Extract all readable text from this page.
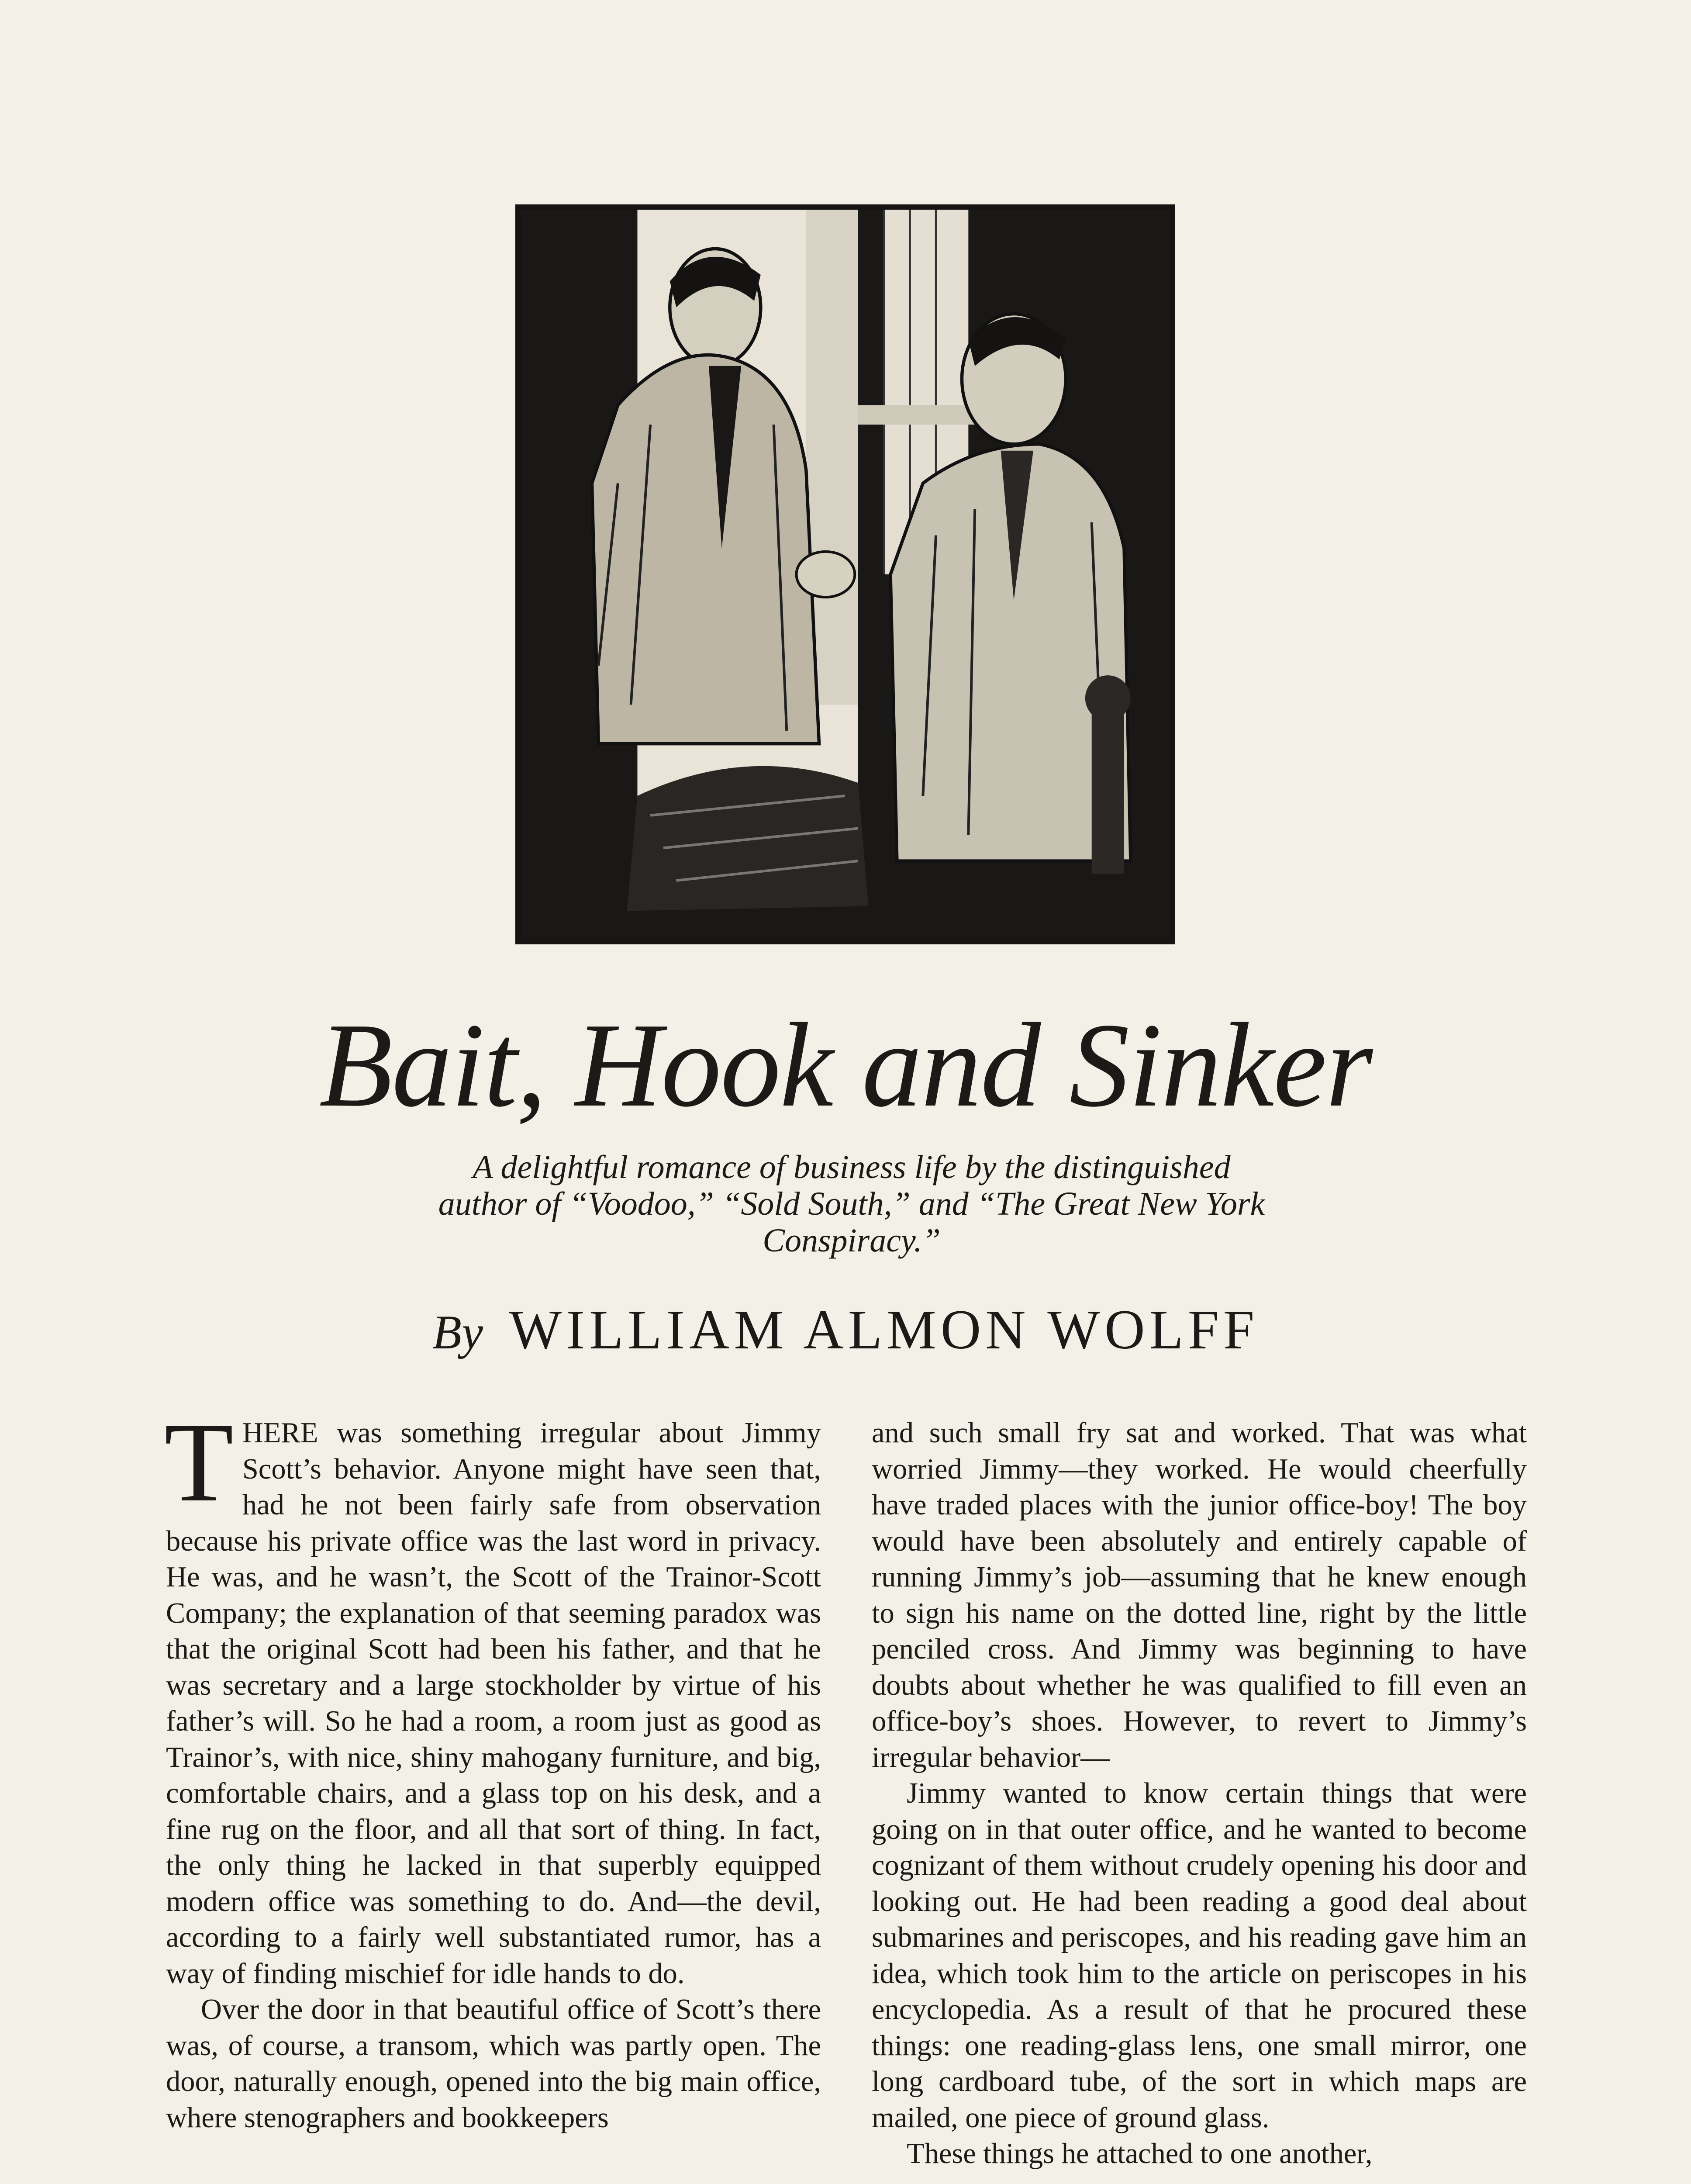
Bait, Hook and Sinker
A delightful romance of business life by the distinguished author of “Voodoo,” “Sold South,” and “The Great New York Conspiracy.”
By WILLIAM ALMON WOLFF

THERE was something irregular about Jimmy Scott’s behavior. Anyone might have seen that, had he not been fairly safe from observation because his private office was the last word in privacy. He was, and he wasn’t, the Scott of the Trainor-Scott Company; the explanation of that seeming paradox was that the original Scott had been his father, and that he was secretary and a large stockholder by virtue of his father’s will. So he had a room, a room just as good as Trainor’s, with nice, shiny mahogany furniture, and big, comfortable chairs, and a glass top on his desk, and a fine rug on the floor, and all that sort of thing. In fact, the only thing he lacked in that superbly equipped modern office was something to do. And—the devil, according to a fairly well substantiated rumor, has a way of finding mischief for idle hands to do.

Over the door in that beautiful office of Scott’s there was, of course, a transom, which was partly open. The door, naturally enough, opened into the big main office, where stenographers and bookkeepers

and such small fry sat and worked. That was what worried Jimmy—they worked. He would cheerfully have traded places with the junior office-boy! The boy would have been absolutely and entirely capable of running Jimmy’s job—assuming that he knew enough to sign his name on the dotted line, right by the little penciled cross. And Jimmy was beginning to have doubts about whether he was qualified to fill even an office-boy’s shoes. However, to revert to Jimmy’s irregular behavior—

Jimmy wanted to know certain things that were going on in that outer office, and he wanted to become cognizant of them without crudely opening his door and looking out. He had been reading a good deal about submarines and periscopes, and his reading gave him an idea, which took him to the article on periscopes in his encyclopedia. As a result of that he procured these things: one reading-glass lens, one small mirror, one long cardboard tube, of the sort in which maps are mailed, one piece of ground glass.

These things he attached to one another,
